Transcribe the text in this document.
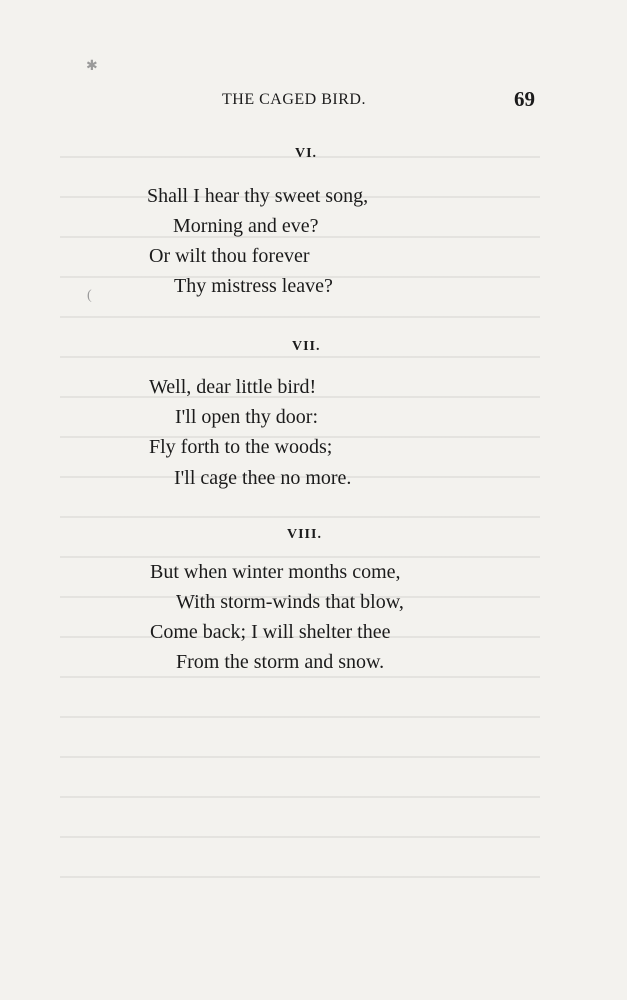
✱
(
THE CAGED BIRD.	69
VI.
Shall I hear thy sweet song,
Morning and eve?
Or wilt thou forever
Thy mistress leave?
VII.
Well, dear little bird!
I'll open thy door:
Fly forth to the woods;
I'll cage thee no more.
VIII.
But when winter months come,
With storm-winds that blow,
Come back; I will shelter thee
From the storm and snow.
